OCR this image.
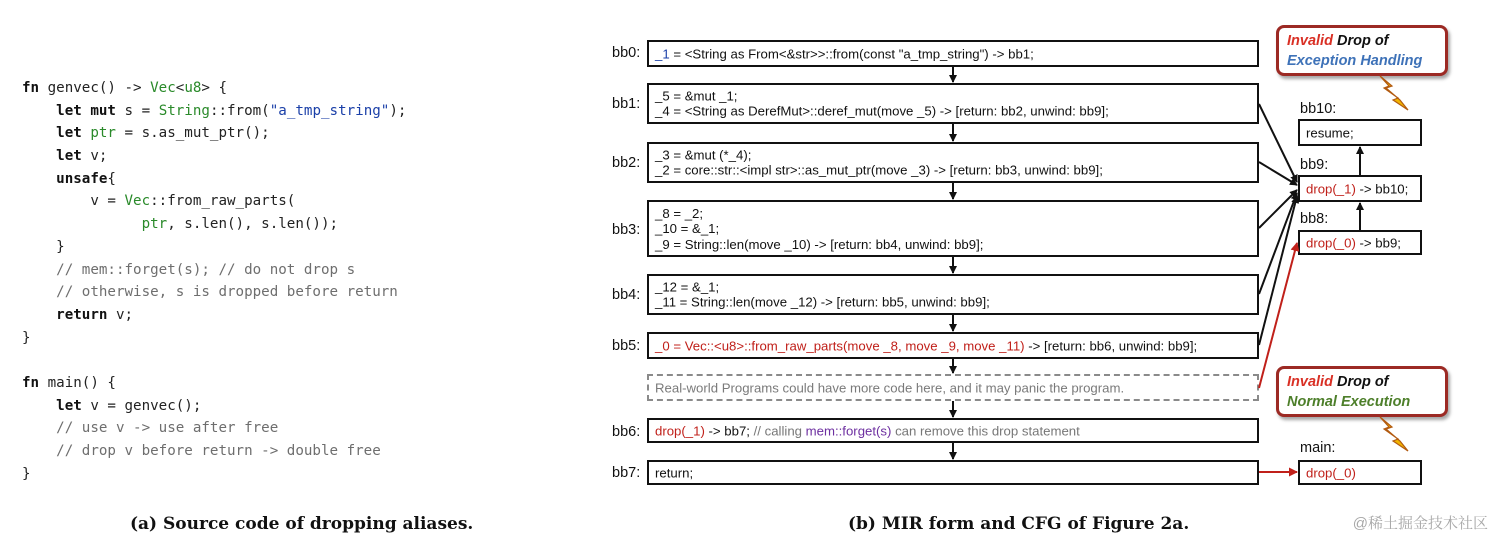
fn genvec() -> Vec<u8> {
let mut s = String::from("a_tmp_string");
let ptr = s.as_mut_ptr();
let v;
unsafe{
v = Vec::from_raw_parts(
ptr, s.len(), s.len());
}
// mem::forget(s); // do not drop s
// otherwise, s is dropped before return
return v;
}

fn main() {
let v = genvec();
// use v -> use after free
// drop v before return -> double free
}
(a) Source code of dropping aliases.
bb0: _1 = <String as From<&str>>::from(const "a_tmp_string") -> bb1;
bb1:
_5 = &mut _1;
_4 = <String as DerefMut>::deref_mut(move _5) -> [return: bb2, unwind: bb9];
bb2:
_3 = &mut (*_4);
_2 = core::str::<impl str>::as_mut_ptr(move _3) -> [return: bb3, unwind: bb9];
bb3:
_8 = _2;
_10 = &_1;
_9 = String::len(move _10) -> [return: bb4, unwind: bb9];
bb4:
_12 = &_1;
_11 = String::len(move _12) -> [return: bb5, unwind: bb9];
bb5: _0 = Vec::<u8>::from_raw_parts(move _8, move _9, move _11) -> [return: bb6, unwind: bb9];
Real-world Programs could have more code here, and it may panic the program.
bb6: drop(_1) -> bb7; // calling mem::forget(s) can remove this drop statement
bb7: return;
bb10:
resume;
bb9:
drop(_1) -> bb10;
bb8:
drop(_0) -> bb9;
main:
drop(_0)
Invalid Drop of
Exception Handling
Invalid Drop of
Normal Execution
(b) MIR form and CFG of Figure 2a.	@稀土掘金技术社区
